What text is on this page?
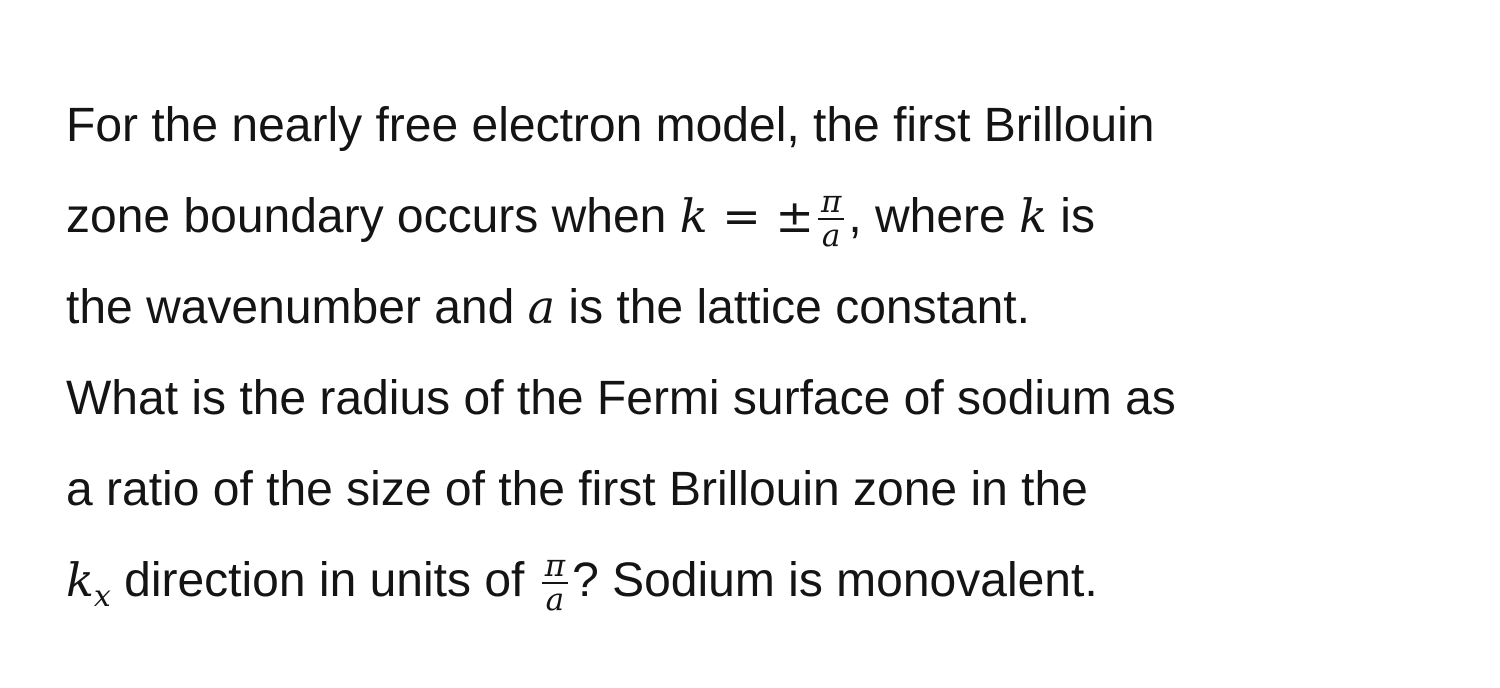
For the nearly free electron model, the first Brillouin
zone boundary occurs when k = ± $\frac{\pi}{a}$ , where k is
the wavenumber and a is the lattice constant.
What is the radius of the Fermi surface of sodium as
a ratio of the size of the first Brillouin zone in the
$k_x$ direction in units of $\frac{\pi}{a}$ ? Sodium is monovalent.
